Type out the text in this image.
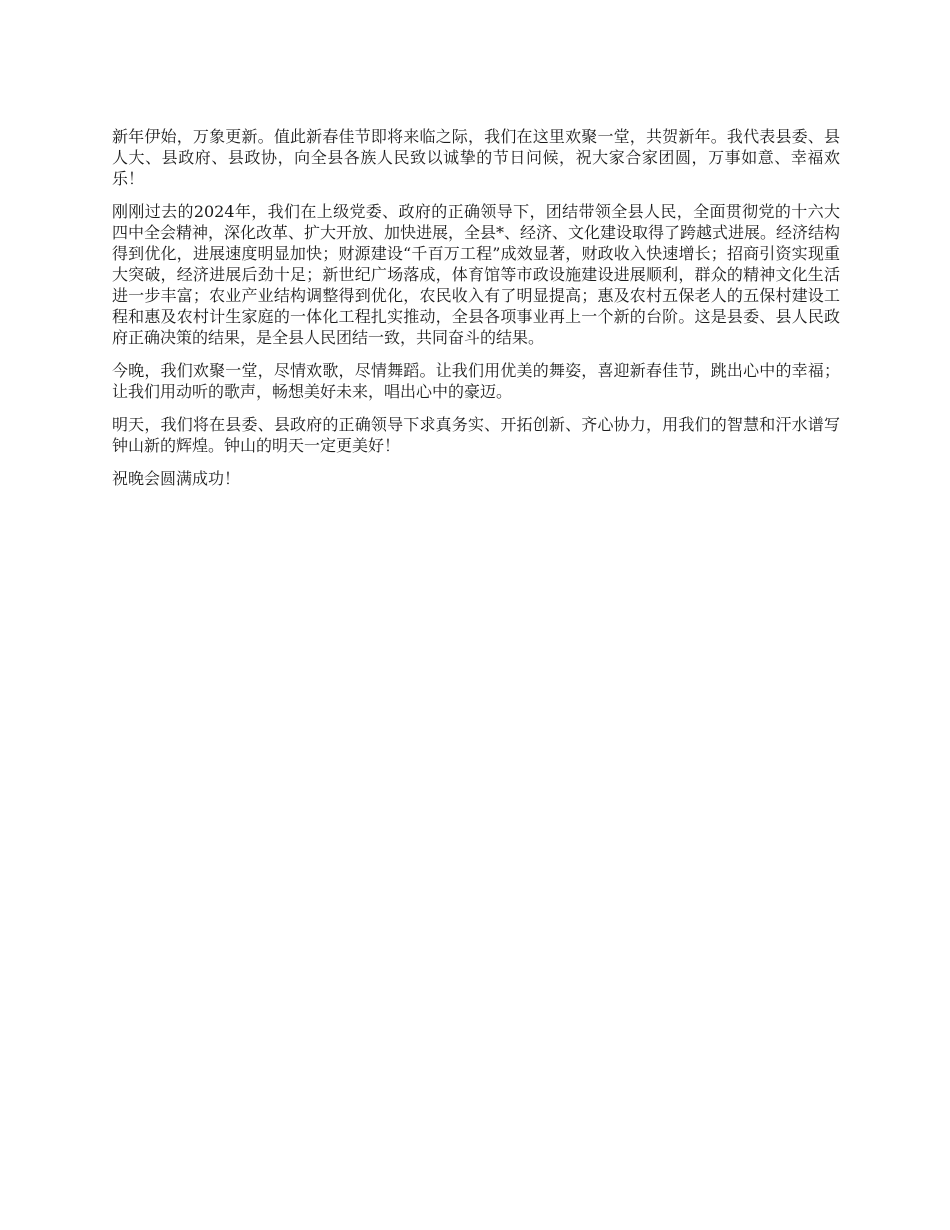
新年伊始，万象更新。值此新春佳节即将来临之际，我们在这里欢聚一堂，共贺新年。我代表县委、县人大、县政府、县政协，向全县各族人民致以诚挚的节日问候，祝大家合家团圆，万事如意、幸福欢乐！

刚刚过去的2024年，我们在上级党委、政府的正确领导下，团结带领全县人民，全面贯彻党的十六大四中全会精神，深化改革、扩大开放、加快进展，全县*、经济、文化建设取得了跨越式进展。经济结构得到优化，进展速度明显加快；财源建设“千百万工程”成效显著，财政收入快速增长；招商引资实现重大突破，经济进展后劲十足；新世纪广场落成，体育馆等市政设施建设进展顺利，群众的精神文化生活进一步丰富；农业产业结构调整得到优化，农民收入有了明显提高；惠及农村五保老人的五保村建设工程和惠及农村计生家庭的一体化工程扎实推动，全县各项事业再上一个新的台阶。这是县委、县人民政府正确决策的结果，是全县人民团结一致，共同奋斗的结果。

今晚，我们欢聚一堂，尽情欢歌，尽情舞蹈。让我们用优美的舞姿，喜迎新春佳节，跳出心中的幸福；让我们用动听的歌声，畅想美好未来，唱出心中的豪迈。

明天，我们将在县委、县政府的正确领导下求真务实、开拓创新、齐心协力，用我们的智慧和汗水谱写钟山新的辉煌。钟山的明天一定更美好！

祝晚会圆满成功！
